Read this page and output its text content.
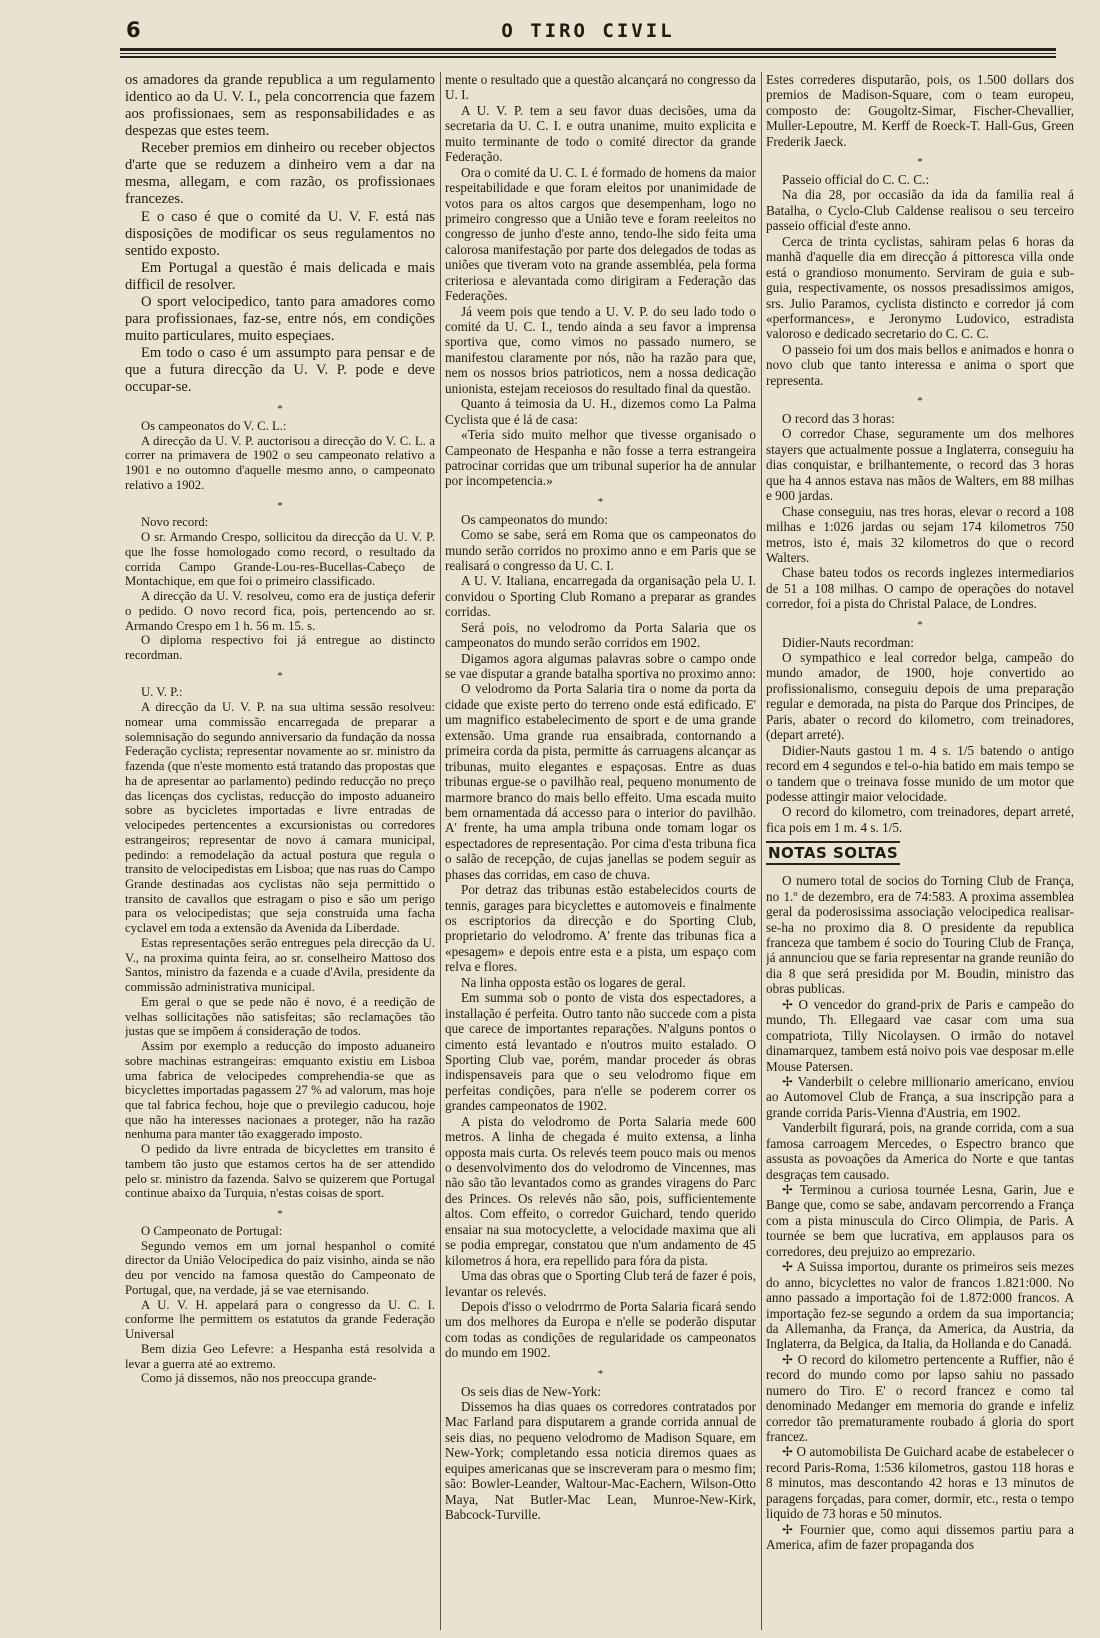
6	O TIRO CIVIL

os amadores da grande republica a um regulamento identico ao da U. V. I., pela concorrencia que fazem aos profissionaes, sem as responsabilidades e as despezas que estes teem.

Receber premios em dinheiro ou receber objectos d'arte que se reduzem a dinheiro vem a dar na mesma, allegam, e com razão, os profissionaes francezes.

E o caso é que o comité da U. V. F. está nas disposições de modificar os seus regulamentos no sentido exposto.

Em Portugal a questão é mais delicada e mais difficil de resolver.

O sport velocipedico, tanto para amadores como para profissionaes, faz-se, entre nós, em condições muito particulares, muito espeçiaes.

Em todo o caso é um assumpto para pensar e de que a futura direcção da U. V. P. pode e deve occupar-se.

*

Os campeonatos do V. C. L.:

A direcção da U. V. P. auctorisou a direcção do V. C. L. a correr na primavera de 1902 o seu campeonato relativo a 1901 e no outomno d'aquelle mesmo anno, o campeonato relativo a 1902.

*

Novo record:

O sr. Armando Crespo, sollicitou da direcção da U. V. P. que lhe fosse homologado como record, o resultado da corrida Campo Grande-Lou-res-Bucellas-Cabeço de Montachique, em que foi o primeiro classificado.

A direcção da U. V. resolveu, como era de justiça deferir o pedido. O novo record fica, pois, pertencendo ao sr. Armando Crespo em 1 h. 56 m. 15. s.

O diploma respectivo foi já entregue ao distincto recordman.

*

U. V. P.:

A direcção da U. V. P. na sua ultima sessão resolveu: nomear uma commissão encarregada de preparar a solemnisação do segundo anniversario da fundação da nossa Federação cyclista; representar novamente ao sr. ministro da fazenda (que n'este momento está tratando das propostas que ha de apresentar ao parlamento) pedindo reducção no preço das licenças dos cyclistas, reducção do imposto aduaneiro sobre as bycicletes importadas e livre entradas de velocipedes pertencentes a excursionistas ou corredores estrangeiros; representar de novo á camara municipal, pedindo: a remodelação da actual postura que regula o transito de velocipedistas em Lisboa; que nas ruas do Campo Grande destinadas aos cyclistas não seja permittido o transito de cavallos que estragam o piso e são um perigo para os velocipedistas; que seja construida uma facha cyclavel em toda a extensão da Avenida da Liberdade.

Estas representações serão entregues pela direcção da U. V., na proxima quinta feira, ao sr. conselheiro Mattoso dos Santos, ministro da fazenda e a cuade d'Avila, presidente da commissão administrativa municipal.

Em geral o que se pede não é novo, é a reedição de velhas sollicitações não satisfeitas; são reclamações tão justas que se impõem á consideração de todos.

Assim por exemplo a reducção do imposto aduaneiro sobre machinas estrangeiras: emquanto existiu em Lisboa uma fabrica de velocipedes comprehendia-se que as bicyclettes importadas pagassem 27 % ad valorum, mas hoje que tal fabrica fechou, hoje que o previlegio caducou, hoje que não ha interesses nacionaes a proteger, não ha razão nenhuma para manter tão exaggerado imposto.

O pedido da livre entrada de bicyclettes em transito é tambem tão justo que estamos certos ha de ser attendido pelo sr. ministro da fazenda. Salvo se quizerem que Portugal continue abaixo da Turquia, n'estas coisas de sport.

*

O Campeonato de Portugal:

Segundo vemos em um jornal hespanhol o comité director da União Velocipedica do paiz visinho, ainda se não deu por vencido na famosa questão do Campeonato de Portugal, que, na verdade, já se vae eternisando.

A U. V. H. appelará para o congresso da U. C. I. conforme lhe permittem os estatutos da grande Federação Universal

Bem dizia Geo Lefevre: a Hespanha está resolvida a levar a guerra até ao extremo.

Como já dissemos, não nos preoccupa grande-

mente o resultado que a questão alcançará no congresso da U. I.

A U. V. P. tem a seu favor duas decisões, uma da secretaria da U. C. I. e outra unanime, muito explicita e muito terminante de todo o comité director da grande Federação.

Ora o comité da U. C. I. é formado de homens da maior respeitabilidade e que foram eleitos por unanimidade de votos para os altos cargos que desempenham, logo no primeiro congresso que a União teve e foram reeleitos no congresso de junho d'este anno, tendo-lhe sido feita uma calorosa manifestação por parte dos delegados de todas as uniões que tiveram voto na grande assembléa, pela forma criteriosa e alevantada como dirigiram a Federação das Federações.

Já veem pois que tendo a U. V. P. do seu lado todo o comité da U. C. I., tendo ainda a seu favor a imprensa sportiva que, como vimos no passado numero, se manifestou claramente por nós, não ha razão para que, nem os nossos brios patrioticos, nem a nossa dedicação unionista, estejam receiosos do resultado final da questão.

Quanto á teimosia da U. H., dizemos como La Palma Cyclista que é lá de casa:

«Teria sido muito melhor que tivesse organisado o Campeonato de Hespanha e não fosse a terra estrangeira patrocinar corridas que um tribunal superior ha de annular por incompetencia.»

*

Os campeonatos do mundo:

Como se sabe, será em Roma que os campeonatos do mundo serão corridos no proximo anno e em Paris que se realisará o congresso da U. C. I.

A U. V. Italiana, encarregada da organisação pela U. I. convidou o Sporting Club Romano a preparar as grandes corridas.

Será pois, no velodromo da Porta Salaria que os campeonatos do mundo serão corridos em 1902.

Digamos agora algumas palavras sobre o campo onde se vae disputar a grande batalha sportiva no proximo anno:

O velodromo da Porta Salaria tira o nome da porta da cidade que existe perto do terreno onde está edificado. E' um magnifico estabelecimento de sport e de uma grande extensão. Uma grande rua ensaibrada, contornando a primeira corda da pista, permitte ás carruagens alcançar as tribunas, muito elegantes e espaçosas. Entre as duas tribunas ergue-se o pavilhão real, pequeno monumento de marmore branco do mais bello effeito. Uma escada muito bem ornamentada dá accesso para o interior do pavilhão. A' frente, ha uma ampla tribuna onde tomam logar os espectadores de representação. Por cima d'esta tribuna fica o salão de recepção, de cujas janellas se podem seguir as phases das corridas, em caso de chuva.

Por detraz das tribunas estão estabelecidos courts de tennis, garages para bicyclettes e automoveis e finalmente os escriptorios da direcção e do Sporting Club, proprietario do velodromo. A' frente das tribunas fica a «pesagem» e depois entre esta e a pista, um espaço com relva e flores.

Na linha opposta estão os logares de geral.

Em summa sob o ponto de vista dos espectadores, a installação é perfeita. Outro tanto não succede com a pista que carece de importantes reparações. N'alguns pontos o cimento está levantado e n'outros muito estalado. O Sporting Club vae, porém, mandar proceder ás obras indispensaveis para que o seu velodromo fique em perfeitas condições, para n'elle se poderem correr os grandes campeonatos de 1902.

A pista do velodromo de Porta Salaria mede 600 metros. A linha de chegada é muito extensa, a linha opposta mais curta. Os relevés teem pouco mais ou menos o desenvolvimento dos do velodromo de Vincennes, mas não são tão levantados como as grandes viragens do Parc des Princes. Os relevés não são, pois, sufficientemente altos. Com effeito, o corredor Guichard, tendo querido ensaiar na sua motocyclette, a velocidade maxima que ali se podia empregar, constatou que n'um andamento de 45 kilometros á hora, era repellido para fóra da pista.

Uma das obras que o Sporting Club terá de fazer é pois, levantar os relevés.

Depois d'isso o velodrrmo de Porta Salaria ficará sendo um dos melhores da Europa e n'elle se poderão disputar com todas as condições de regularidade os campeonatos do mundo em 1902.

*

Os seis dias de New-York:

Dissemos ha dias quaes os corredores contratados por Mac Farland para disputarem a grande corrida annual de seis dias, no pequeno velodromo de Madison Square, em New-York; completando essa noticia diremos quaes as equipes americanas que se inscreveram para o mesmo fim; são: Bowler-Leander, Waltour-Mac-Eachern, Wilson-Otto Maya, Nat Butler-Mac Lean, Munroe-New-Kirk, Babcock-Turville.

Estes correderes disputarão, pois, os 1.500 dollars dos premios de Madison-Square, com o team europeu, composto de: Gougoltz-Simar, Fischer-Chevallier, Muller-Lepoutre, M. Kerff de Roeck-T. Hall-Gus, Green Frederik Jaeck.

*

Passeio official do C. C. C.:

Na dia 28, por occasião da ida da familia real á Batalha, o Cyclo-Club Caldense realisou o seu terceiro passeio official d'este anno.

Cerca de trinta cyclistas, sahiram pelas 6 horas da manhã d'aquelle dia em direcção á pittoresca villa onde está o grandioso monumento. Serviram de guia e sub-guia, respectivamente, os nossos presadissimos amigos, srs. Julio Paramos, cyclista distincto e corredor já com «performances», e Jeronymo Ludovico, estradista valoroso e dedicado secretario do C. C. C.

O passeio foi um dos mais bellos e animados e honra o novo club que tanto interessa e anima o sport que representa.

*

O record das 3 horas:

O corredor Chase, seguramente um dos melhores stayers que actualmente possue a Inglaterra, conseguiu ha dias conquistar, e brilhantemente, o record das 3 horas que ha 4 annos estava nas mãos de Walters, em 88 milhas e 900 jardas.

Chase conseguiu, nas tres horas, elevar o record a 108 milhas e 1:026 jardas ou sejam 174 kilometros 750 metros, isto é, mais 32 kilometros do que o record Walters.

Chase bateu todos os records inglezes intermediarios de 51 a 108 milhas. O campo de operações do notavel corredor, foi a pista do Christal Palace, de Londres.

*

Didier-Nauts recordman:

O sympathico e leal corredor belga, campeão do mundo amador, de 1900, hoje convertido ao profissionalismo, conseguiu depois de uma preparação regular e demorada, na pista do Parque dos Principes, de Paris, abater o record do kilometro, com treinadores, (depart arreté).

Didier-Nauts gastou 1 m. 4 s. 1/5 batendo o antigo record em 4 segundos e tel-o-hia batido em mais tempo se o tandem que o treinava fosse munido de um motor que podesse attingir maior velocidade.

O record do kilometro, com treinadores, depart arreté, fica pois em 1 m. 4 s. 1/5.

NOTAS SOLTAS

O numero total de socios do Torning Club de França, no 1.º de dezembro, era de 74:583. A proxima assemblea geral da poderosissima associação velocipedica realisar-se-ha no proximo dia 8. O presidente da republica franceza que tambem é socio do Touring Club de França, já annunciou que se faria representar na grande reunião do dia 8 que será presidida por M. Boudin, ministro das obras publicas.

✢ O vencedor do grand-prix de Paris e campeão do mundo, Th. Ellegaard vae casar com uma sua compatriota, Tilly Nicolaysen. O irmão do notavel dinamarquez, tambem está noivo pois vae desposar m.elle Mouse Patersen.

✢ Vanderbilt o celebre millionario americano, enviou ao Automovel Club de França, a sua inscripção para a grande corrida Paris-Vienna d'Austria, em 1902.

Vanderbilt figurará, pois, na grande corrida, com a sua famosa carroagem Mercedes, o Espectro branco que assusta as povoações da America do Norte e que tantas desgraças tem causado.

✢ Terminou a curiosa tournée Lesna, Garin, Jue e Bange que, como se sabe, andavam percorrendo a França com a pista minuscula do Circo Olimpia, de Paris. A tournée se bem que lucrativa, em applausos para os corredores, deu prejuizo ao emprezario.

✢ A Suissa importou, durante os primeiros seis mezes do anno, bicyclettes no valor de francos 1.821:000. No anno passado a importação foi de 1.872:000 francos. A importação fez-se segundo a ordem da sua importancia; da Allemanha, da França, da America, da Austria, da Inglaterra, da Belgica, da Italia, da Hollanda e do Canadá.

✢ O record do kilometro pertencente a Ruffier, não é record do mundo como por lapso sahiu no passado numero do Tiro. E' o record francez e como tal denominado Medanger em memoria do grande e infeliz corredor tão prematuramente roubado á gloria do sport francez.

✢ O automobilista De Guichard acabe de estabelecer o record Paris-Roma, 1:536 kilometros, gastou 118 horas e 8 minutos, mas descontando 42 horas e 13 minutos de paragens forçadas, para comer, dormir, etc., resta o tempo liquido de 73 horas e 50 minutos.

✢ Fournier que, como aqui dissemos partiu para a America, afim de fazer propaganda dos
